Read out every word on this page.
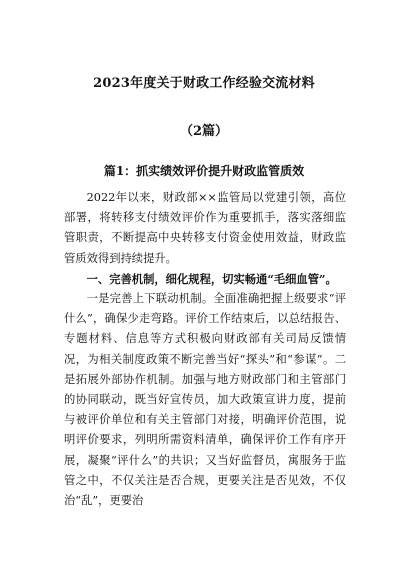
2023年度关于财政工作经验交流材料
（2篇）
篇1：抓实绩效评价提升财政监管质效

2022年以来，财政部××监管局以党建引领，高位部署，将转移支付绩效评价作为重要抓手，落实落细监管职责，不断提高中央转移支付资金使用效益，财政监管质效得到持续提升。

一、完善机制，细化规程，切实畅通“毛细血管”。

一是完善上下联动机制。全面准确把握上级要求“评什么”，确保少走弯路。评价工作结束后，以总结报告、专题材料、信息等方式积极向财政部有关司局反馈情况，为相关制度政策不断完善当好“探头”和“参谋”。二是拓展外部协作机制。加强与地方财政部门和主管部门的协同联动，既当好宣传员，加大政策宣讲力度，提前与被评价单位和有关主管部门对接，明确评价范围，说明评价要求，列明所需资料清单，确保评价工作有序开展，凝聚“评什么”的共识；又当好监督员，寓服务于监管之中，不仅关注是否合规，更要关注是否见效，不仅治“乱”，更要治
